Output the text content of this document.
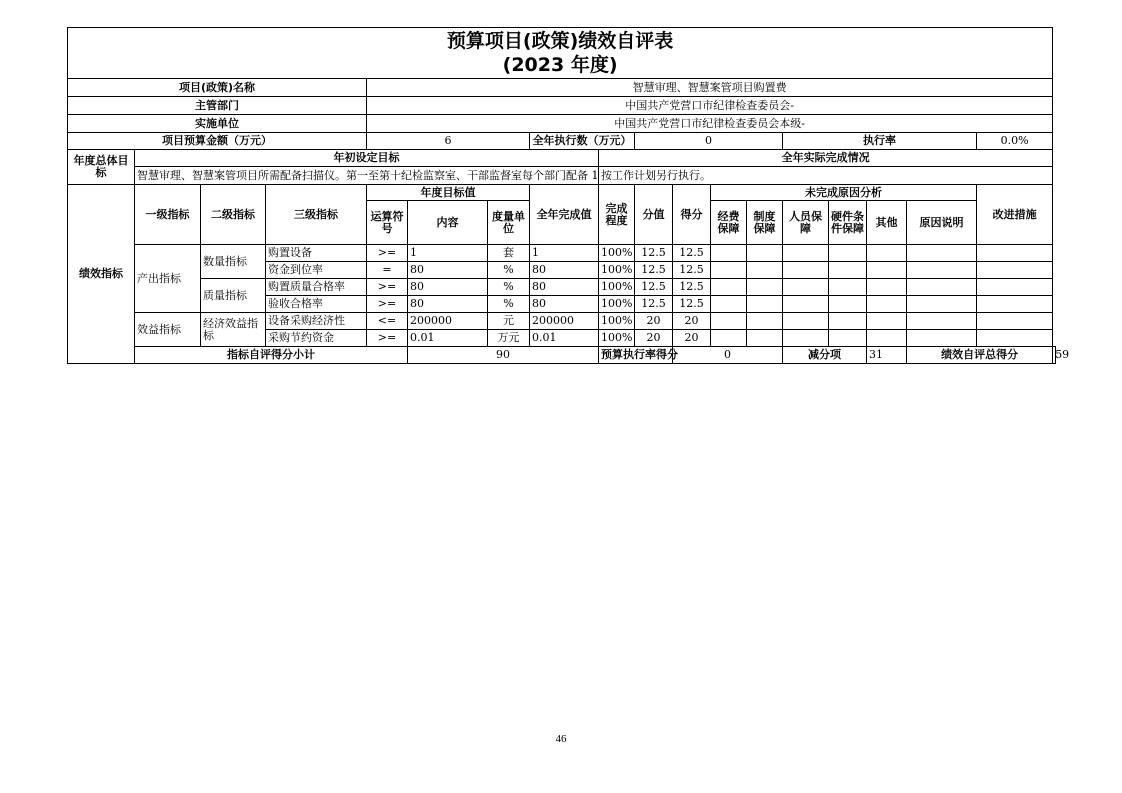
预算项目(政策)绩效自评表
(2023 年度)																		

项目(政策)名称				智慧审理、智慧案管项目购置费														
主管部门				中国共产党营口市纪律检查委员会-														
实施单位				中国共产党营口市纪律检查委员会本级-														
项目预算金额（万元）				6			全年执行数（万元）		0				执行率				0.0%	
年度总体目标	年初设定目标							全年实际完成情况										
	智慧审理、智慧案管项目所需配备扫描仪。第一至第十纪检监察室、干部监督室每个部门配备 1							按工作计划另行执行。										
绩效指标	一级指标	二级指标	三级指标	年度目标值			全年完成值	完成程度	分值	得分	未完成原因分析						改进措施	
				运算符号	内容	度量单位					经费保障	制度保障	人员保障	硬件条件保障	其他	原因说明		
	产出指标	数量指标	购置设备	>=	1	套	1	100%	12.5	12.5								
			资金到位率	=	80	%	80	100%	12.5	12.5								
		质量指标	购置质量合格率	>=	80	%	80	100%	12.5	12.5								
			验收合格率	>=	80	%	80	100%	12.5	12.5								
	效益指标	经济效益指标	设备采购经济性	<=	200000	元	200000	100%	20	20								
			采购节约资金	>=	0.01	万元	0.01	100%	20	20								
	指标自评得分小计				90			预算执行率得分		0			减分项		31	绩效自评总得分		59
46
